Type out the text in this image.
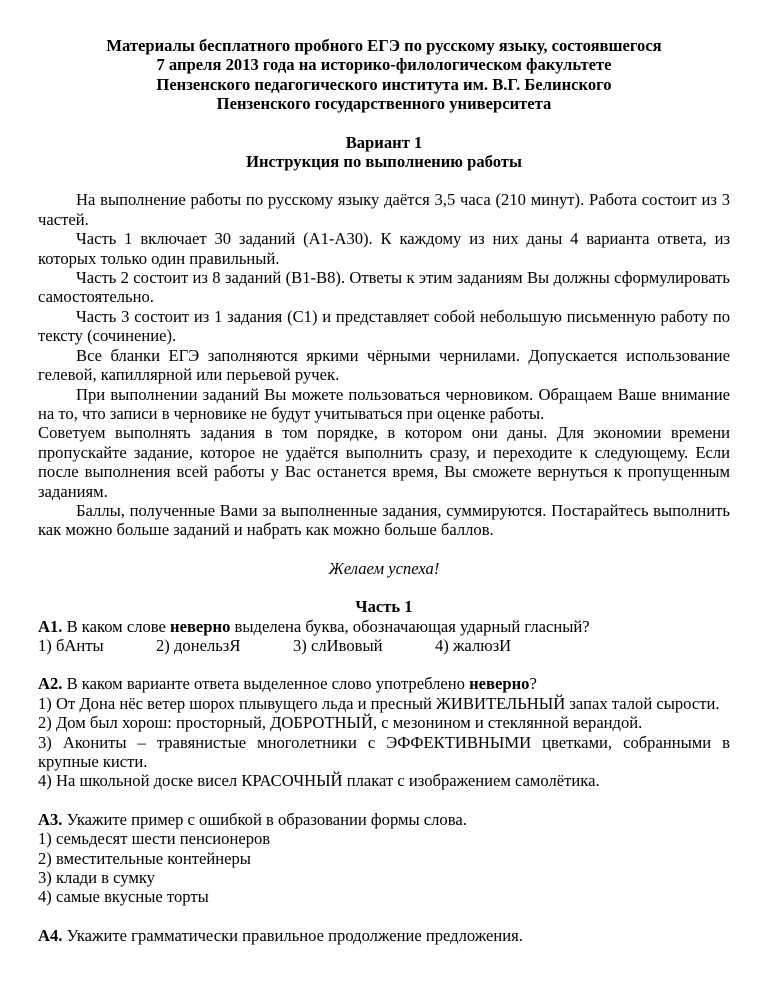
Материалы бесплатного пробного ЕГЭ по русскому языку, состоявшегося
7 апреля 2013 года на историко-филологическом факультете
Пензенского педагогического института им. В.Г. Белинского
Пензенского государственного университета
Вариант 1
Инструкция по выполнению работы

На выполнение работы по русскому языку даётся 3,5 часа (210 минут). Работа состоит из 3 частей.

Часть 1 включает 30 заданий (А1-А30). К каждому из них даны 4 варианта ответа, из которых только один правильный.

Часть 2 состоит из 8 заданий (В1-В8). Ответы к этим заданиям Вы должны сформулировать самостоятельно.

Часть 3 состоит из 1 задания (С1) и представляет собой небольшую письменную работу по тексту (сочинение).

Все бланки ЕГЭ заполняются яркими чёрными чернилами. Допускается использование гелевой, капиллярной или перьевой ручек.

При выполнении заданий Вы можете пользоваться черновиком. Обращаем Ваше внимание на то, что записи в черновике не будут учитываться при оценке работы.

Советуем выполнять задания в том порядке, в котором они даны. Для экономии времени пропускайте задание, которое не удаётся выполнить сразу, и переходите к следующему. Если после выполнения всей работы у Вас останется время, Вы сможете вернуться к пропущенным заданиям.

Баллы, полученные Вами за выполненные задания, суммируются. Постарайтесь выполнить как можно больше заданий и набрать как можно больше баллов.

Желаем успеха!
Часть 1

А1. В каком слове неверно выделена буква, обозначающая ударный гласный?

1) бАнты	2) донельзЯ	3) слИвовый	4) жалюзИ

А2. В каком варианте ответа выделенное слово употреблено неверно?

1) От Дона нёс ветер шорох плывущего льда и пресный ЖИВИТЕЛЬНЫЙ запах талой сырости.

2) Дом был хорош: просторный, ДОБРОТНЫЙ, с мезонином и стеклянной верандой.

3) Акониты – травянистые многолетники с ЭФФЕКТИВНЫМИ цветками, собранными в крупные кисти.

4) На школьной доске висел КРАСОЧНЫЙ плакат с изображением самолётика.

А3. Укажите пример с ошибкой в образовании формы слова.

1) семьдесят шести пенсионеров

2) вместительные контейнеры

3) клади в сумку

4) самые вкусные торты

А4. Укажите грамматически правильное продолжение предложения.
